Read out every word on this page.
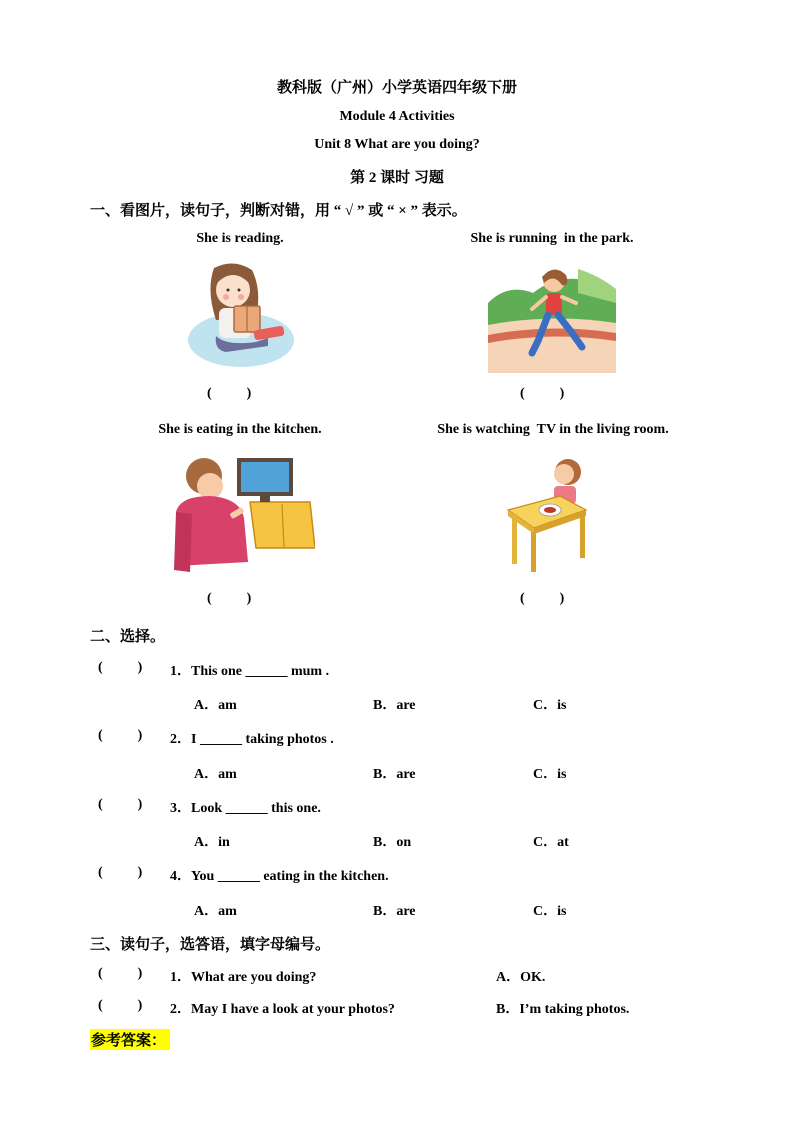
教科版（广州）小学英语四年级下册
Module 4 Activities
Unit 8 What are you doing?
第 2 课时 习题
一、看图片，读句子，判断对错，用 “ √ ” 或 “ × ” 表示。
She is reading.	She is running  in the park.
(          )	(          )
She is eating in the kitchen.	She is watching  TV in the living room.
(          )	(          )
二、选择。
(          ) 1．This one ______ mum .
A．am	B．are	C．is
(          ) 2．I ______ taking photos .
A．am	B．are	C．is
(          ) 3．Look ______ this one.
A．in	B．on	C．at
(          ) 4．You ______ eating in the kitchen.
A．am	B．are	C．is
三、读句子，选答语，填字母编号。
(          ) 1．What are you doing?	A．OK.
(          ) 2．May I have a look at your photos?	B．I’m taking photos.
参考答案：
